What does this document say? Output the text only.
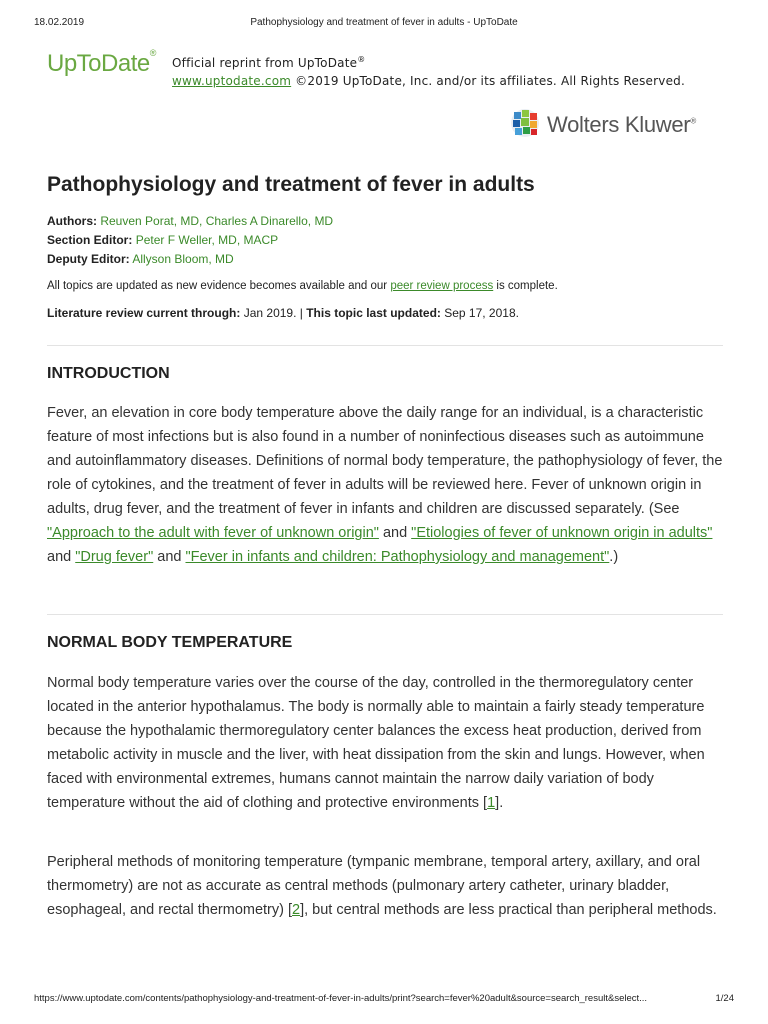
18.02.2019	Pathophysiology and treatment of fever in adults - UpToDate
UpToDate®
Official reprint from UpToDate®
www.uptodate.com ©2019 UpToDate, Inc. and/or its affiliates. All Rights Reserved.
Wolters Kluwer®
Pathophysiology and treatment of fever in adults
Authors: Reuven Porat, MD, Charles A Dinarello, MD
Section Editor: Peter F Weller, MD, MACP
Deputy Editor: Allyson Bloom, MD
All topics are updated as new evidence becomes available and our peer review process is complete.
Literature review current through: Jan 2019. | This topic last updated: Sep 17, 2018.
INTRODUCTION

Fever, an elevation in core body temperature above the daily range for an individual, is a characteristic feature of most infections but is also found in a number of noninfectious diseases such as autoimmune and autoinflammatory diseases. Definitions of normal body temperature, the pathophysiology of fever, the role of cytokines, and the treatment of fever in adults will be reviewed here. Fever of unknown origin in adults, drug fever, and the treatment of fever in infants and children are discussed separately. (See "Approach to the adult with fever of unknown origin" and "Etiologies of fever of unknown origin in adults" and "Drug fever" and "Fever in infants and children: Pathophysiology and management".)

NORMAL BODY TEMPERATURE

Normal body temperature varies over the course of the day, controlled in the thermoregulatory center located in the anterior hypothalamus. The body is normally able to maintain a fairly steady temperature because the hypothalamic thermoregulatory center balances the excess heat production, derived from metabolic activity in muscle and the liver, with heat dissipation from the skin and lungs. However, when faced with environmental extremes, humans cannot maintain the narrow daily variation of body temperature without the aid of clothing and protective environments [1].

Peripheral methods of monitoring temperature (tympanic membrane, temporal artery, axillary, and oral thermometry) are not as accurate as central methods (pulmonary artery catheter, urinary bladder, esophageal, and rectal thermometry) [2], but central methods are less practical than peripheral methods.

https://www.uptodate.com/contents/pathophysiology-and-treatment-of-fever-in-adults/print?search=fever%20adult&source=search_result&select...	1/24
